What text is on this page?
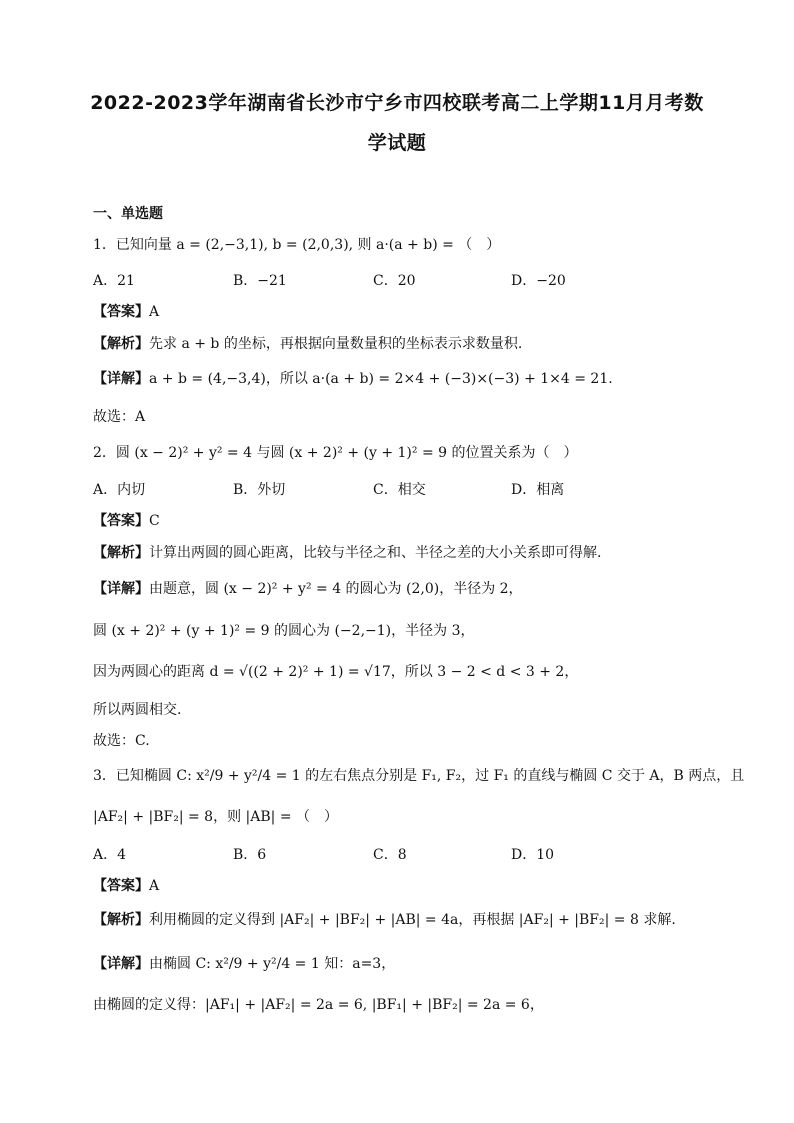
2022-2023学年湖南省长沙市宁乡市四校联考高二上学期11月月考数
学试题
一、单选题
1．已知向量 a = (2,−3,1), b = (2,0,3), 则 a·(a + b) = （　）
A．21	B．−21	C．20	D．−20
【答案】A
【解析】先求 a + b 的坐标，再根据向量数量积的坐标表示求数量积.
【详解】a + b = (4,−3,4)，所以 a·(a + b) = 2×4 + (−3)×(−3) + 1×4 = 21.
故选：A
2．圆 (x − 2)² + y² = 4 与圆 (x + 2)² + (y + 1)² = 9 的位置关系为（　）
A．内切	B．外切	C．相交	D．相离
【答案】C
【解析】计算出两圆的圆心距离，比较与半径之和、半径之差的大小关系即可得解.
【详解】由题意，圆 (x − 2)² + y² = 4 的圆心为 (2,0)，半径为 2，
圆 (x + 2)² + (y + 1)² = 9 的圆心为 (−2,−1)，半径为 3，
因为两圆心的距离 d = √((2 + 2)² + 1) = √17，所以 3 − 2 < d < 3 + 2，
所以两圆相交.
故选：C.
3．已知椭圆 C: x²/9 + y²/4 = 1 的左右焦点分别是 F₁, F₂，过 F₁ 的直线与椭圆 C 交于 A，B 两点，且
|AF₂| + |BF₂| = 8，则 |AB| = （　）
A．4	B．6	C．8	D．10
【答案】A
【解析】利用椭圆的定义得到 |AF₂| + |BF₂| + |AB| = 4a，再根据 |AF₂| + |BF₂| = 8 求解.
【详解】由椭圆 C: x²/9 + y²/4 = 1 知：a=3，
由椭圆的定义得：|AF₁| + |AF₂| = 2a = 6, |BF₁| + |BF₂| = 2a = 6，
